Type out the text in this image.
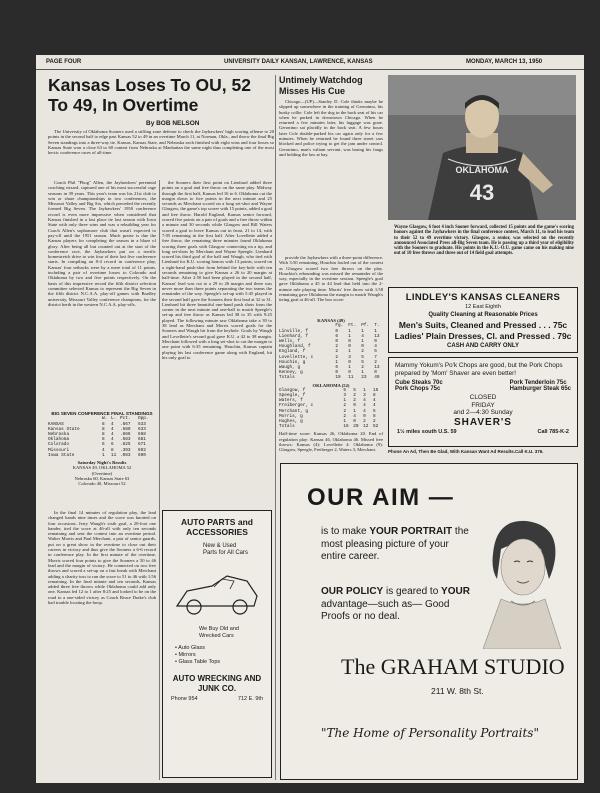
PAGE FOUR	UNIVERSITY DAILY KANSAN, LAWRENCE, KANSAS	MONDAY, MARCH 13, 1950
Kansas Loses To OU, 52 To 49, In Overtime
By BOB NELSON

The University of Oklahoma Sooners used a stiffing zone defense to check the Jayhawkers' high scoring offense to 20 points in the second half to edge past Kansas 52 to 49 in an overtime March 11, at Norman, Okla., and throw the final Big Seven standings into a three-way tie. Kansas, Kansas State, and Nebraska each finished with eight wins and four losses so Kansas State won a close 63 to 60 contest from Nebraska at Manhattan the same night thus completing one of the most hectic conference races of all-time.

Coach Phil "Phog" Allen, the Jayhawkers' perennial coaching wizard, captured one of his most successful cage seasons in 39 years. This year's team was his 21st club to win or share championships in two conferences, the Missouri Valley and Big Six, which preceded the recently formed Big Seven. The Jayhawkers' 1950 conference record is even more impressive when considered that Kansas finished in a last place tie last season with Iowa State with only three wins and was a rebuilding year for Coach Allen's sophomore club that wasn't expected to pay-off until the 1951 season. Much praise is due the Kansas players for completing the season in a blaze of glory. After being all but counted out at the start of the conference race, the Jayhawkers put on a terrific homestretch drive to win four of their last five conference starts. In compiling an 8-4 record in conference play, Kansas' four setbacks were by a mere total of 11 points, including a pair of overtime losses to Colorado and Oklahoma by two and five points respectively. On the basis of this impressive record the fifth district selection committee selected Kansas to represent the Big Seven in the fifth district N.C.A.A. play-off games with Bradley university, Missouri Valley conference champions, for the district berth in the western N.C.A.A. play-offs.

BIG SEVEN CONFERENCE FINAL STANDINGS
	W.	L.	Pct.	Opp.
KANSAS	8	4	.667	633
Kansas State	8	4	.589	633
Nebraska	8	4	.666	668
Oklahoma	8	4	.583	681
Colorado	6	6	.625	671
Missouri	4	8	.393	692
Iowa State	1	11	.083	690
Saturday Night's Results
KANSAS 49, OKLAHOMA 52
(Overtime)
Nebraska 60, Kansas State 63
Colorado 40, Missouri 52

In the final 14 minutes of regulation play, the lead changed hands nine times and the score was knotted on four occasions. Jerry Waugh's sixth goal, a 20-foot one hander, tied the score at 46-all with only ten seconds remaining and sent the contest into an overtime period. Walter Morris and Paul Merchant, a pair of senior guards, put on a great show in the overtime to close out their careers in victory and thus give the Sooners a 6-6 record in conference play. In the first minute of the overtime, Morris scored four points to give the Sooners a 50 to 46 lead and the margin of victory. He connected on two free throws and scored a set-up on a fast break with Merchant adding a charity toss to run the score to 51 to 46 with 1:56 remaining. In the final minute and ten seconds, Kansas added three free throws while Oklahoma could add only one. Kansas led 12 to 1 after 8:25 and looked to be on the road to a one-sided victory as Coach Bruce Drake's club had trouble locating the hoop.

the Sooners their first point on Lienhard added three points on a goal and free throw on the same play. Midway through the first half, Kansas led 16 to 6. Oklahoma cut the margin down to five points in the next minute and 25 seconds as Merchant scored on a long set-shot and Wayne Glasgow, the game's top scorer with 15 points, added a goal and free throw. Harold England, Kansas senior forward, scored five points on a pair of goals and a free throw within a minute and 30 seconds while Glasgow and Bill Waters scored a goal to leave Kansas out in front, 21 to 14, with 7:05 remaining in the first half. After Lovellette added a free throw, the remaining three minutes found Oklahoma scoring three goals with Glasgow connecting on a tip, and long set-shots by Merchant and Wayne Speegle. Lienhard scored his third goal of the half and Waugh, who tied with Lienhard for K.U. scoring honors with 13 points, scored on a right-hand push-shot from behind the key-hole with ten seconds remaining to give Kansas a 26 to 20 margin at half-time. After 2:50 had been played in the second half, Kansas' lead was cut to a 29 to 26 margin and there was never more than three points separating the two teams the remainder of the way. Speegle's set-up with 5:45 played in the second half gave the Sooners their first lead at 32 to 31. Lienhard hit three beautiful one-hand push shots from the corner in the next minute and one-half to match Speegle's set-up and free throw as Kansas led 38 to 35 with 9:25 played. The following minute saw Oklahoma take a 39 to 38 lead as Merchant and Morris scored goals for the Sooners and Waugh hit from the keyhole. Goals by Waugh and Lovellette's second goal gave K.U. a 42 to 38 margin. Merchant followed with a long set-shot to cut the margin to one point with 6:35 remaining. Houchin, Kansas captain playing his last conference game along with England, hit his only goal to

AUTO PARTS and ACCESSORIES
New & Used Parts for All Cars
We Buy Old and Wrecked Cars
• Auto Glass
• Mirrors
• Glass Table Tops
AUTO WRECKING AND JUNK CO.
Phone 954	712 E. 9th
Untimely Watchdog Misses His Cue

Chicago—(UP)—Stanley D. Cole thinks maybe he slipped up somewhere in the training of Geronimo, his husky collie. Cole left the dog in the back seat of his car when he parked in downtown Chicago. When he returned a few minutes later, his luggage was gone. Geronimo sat placidly in the back seat. A few hours later Cole double-parked his car again only for a few minutes. When he returned he found three street cars blocked and police trying to get the jam under control. Geronimo, man's valiant servant, was baring his fangs and holding the law at bay.

provide the Jayhawkers with a three-point difference. With 3:50 remaining, Houchin fouled out of the contest as Glasgow scored two free throws on the play. Houchin's rebounding was missed the remainder of the way, especially in the overtime session. Speegle's goal gave Oklahoma a 45 to 44 lead that held into the 2-minute rule playing time. Morris' free throw with 1:58 remaining gave Oklahoma the margin to match Waugh's tieing goal at 46-all. The box score:

KANSAS (49)
	Fg.	Ft.	Pf.	T.
Linville, f	0	1	1	1
Lienhard, f	6	1	4	13
Wells, f	0	0	1	0
Houghland, f	2	0	0	4
England, f	2	1	2	5
Lovellette, c	2	3	5	7
Houchin, g	1	0	5	2
Waugh, g	6	1	2	13
Kenney, g	0	0	1	0
Totals	19	11	23	49
OKLAHOMA (52)
Glasgow, f	5	5	1	15
Speegle, f	3	2	3	8
Waters, f	1	2	4	4
Freiberger, c	2	0	4	4
Merchant, g	2	1	4	5
Morris, g	2	4	0	8
Hughes, g	1	0	2	2
Totals	16	20	12	52
Half-time score: Kansas 26, Oklahoma 20. End of regulation play: Kansas 46, Oklahoma 46. Missed free throws: Kansas (4): Lovellette 4. Oklahoma (9): Glasgow, Speegle, Freiberger 2, Waters 3, Merchant.
OKLAHOMA
43
Wayne Glasgow, 6 foot 4 inch Sooner forward, collected 15 points and the game's scoring honors against the Jayhawkers in the final conference contest, March 11, to lead his team to their 52 to 49 overtime victory. Glasgow, a senior, was selected on the recently announced Associated Press all-Big Seven team. He is passing up a third year of eligibility with the Sooners to graduate. His points in the K.U.-O.U. game came on his making nine out of 10 free throws and three out of 14 field goal attempts.
LINDLEY'S KANSAS CLEANERS
12 East Eighth
Quality Cleaning at Reasonable Prices
Men's Suits, Cleaned and Pressed . . . 75c
Ladies' Plain Dresses, Cl. and Pressed . 79c
CASH AND CARRY ONLY
Mammy Yokum's Po'k Chops are good, but the Pork Chops prepared by 'Mom' Shaver are even better!
Cube Steaks 70c
Pork Chops 75c
Pork Tenderloin 75c
Hamburger Steak 65c
CLOSED
FRIDAY
and 2—4:30 Sunday
SHAVER'S
1½ miles south U.S. 59	Call 785-K-2
Phone An Ad, Then Be Glad, With Kansan Want Ad Results.Call K.U. 376.
OUR AIM —
is to make YOUR PORTRAIT the most pleasing picture of your entire career.
OUR POLICY is geared to YOUR advantage—such as— Good Proofs or no deal.
The GRAHAM STUDIO
211 W. 8th St.
"The Home of Personality Portraits"
